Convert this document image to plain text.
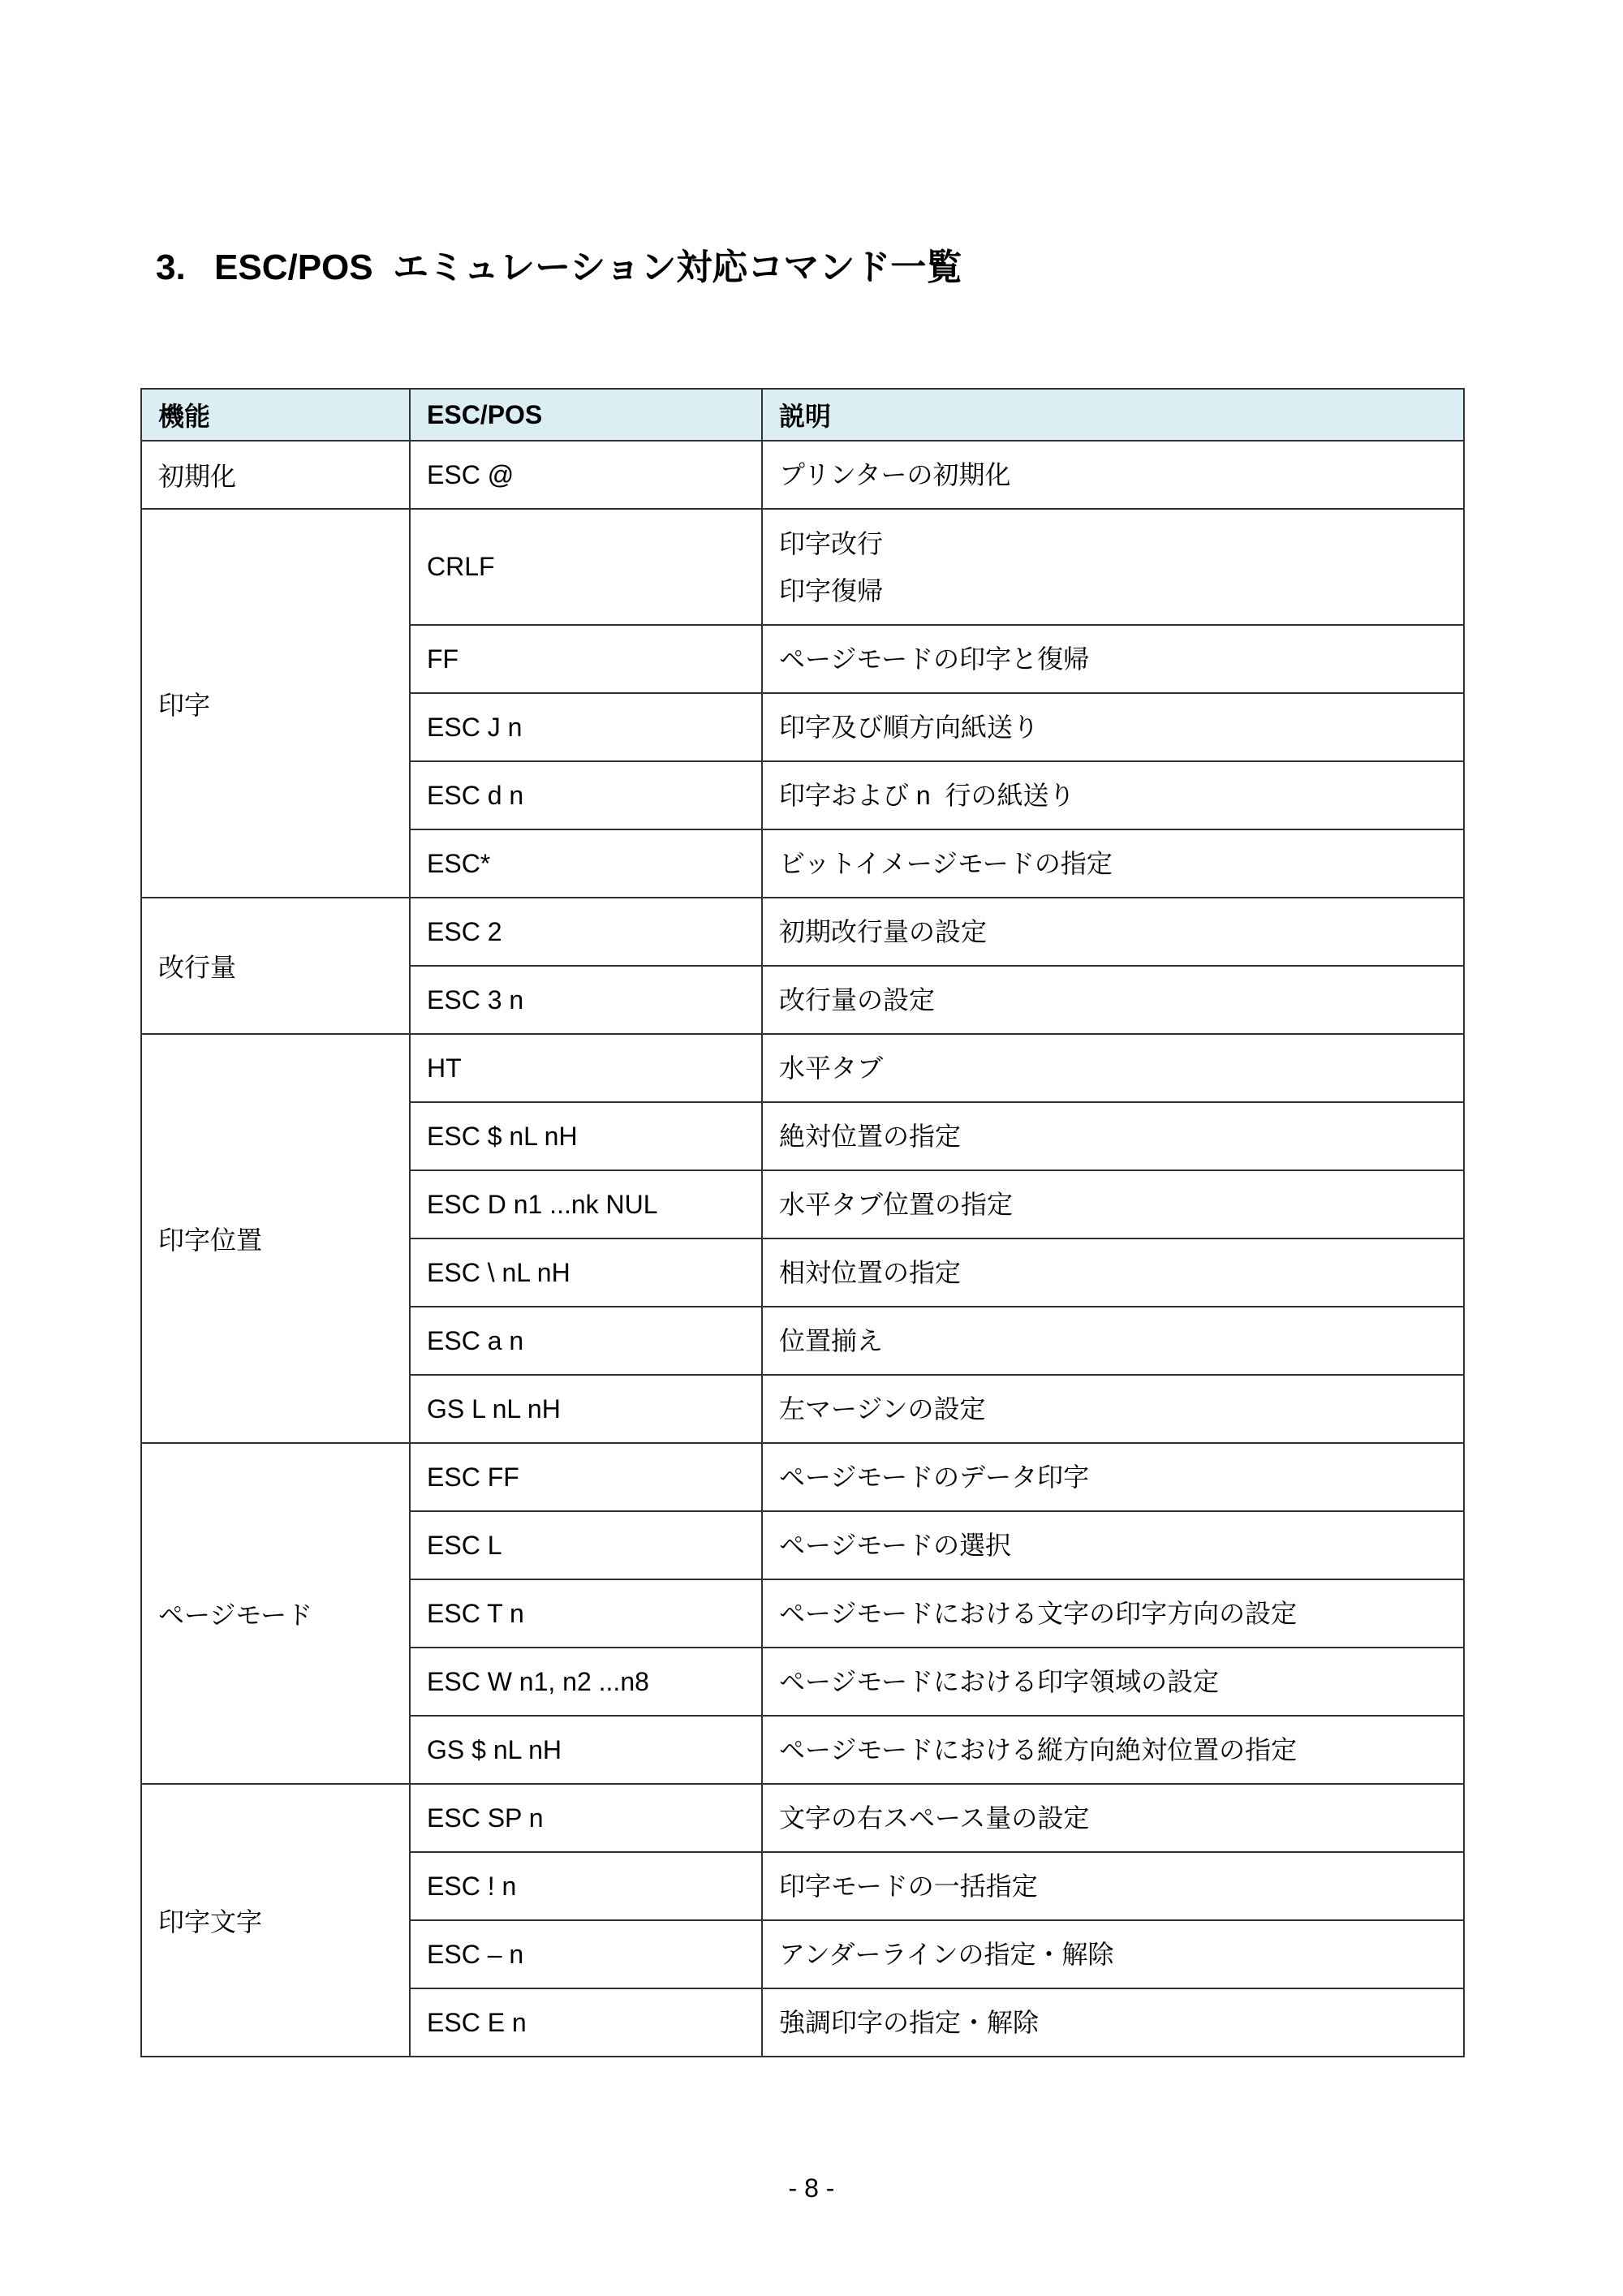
3. ESC/POS  エミュレーション対応コマンド一覧
機能	ESC/POS	説明
初期化	ESC @	プリンターの初期化

印字	CRLF	印字改行
印字復帰

	FF	ページモードの印字と復帰

	ESC J n	印字及び順方向紙送り

	ESC d n	印字および n  行の紙送り

	ESC*	ビットイメージモードの指定

改行量	ESC 2	初期改行量の設定

	ESC 3 n	改行量の設定

印字位置	HT	水平タブ

	ESC $ nL nH	絶対位置の指定

	ESC D n1 ...nk NUL	水平タブ位置の指定

	ESC \ nL nH	相対位置の指定

	ESC a n	位置揃え

	GS L nL nH	左マージンの設定

ページモード	ESC FF	ページモードのデータ印字

	ESC L	ページモードの選択

	ESC T n	ページモードにおける文字の印字方向の設定

	ESC W n1, n2 ...n8	ページモードにおける印字領域の設定

	GS $ nL nH	ページモードにおける縦方向絶対位置の指定

印字文字	ESC SP n	文字の右スペース量の設定

	ESC ! n	印字モードの一括指定

	ESC – n	アンダーラインの指定・解除

	ESC E n	強調印字の指定・解除
- 8 -
